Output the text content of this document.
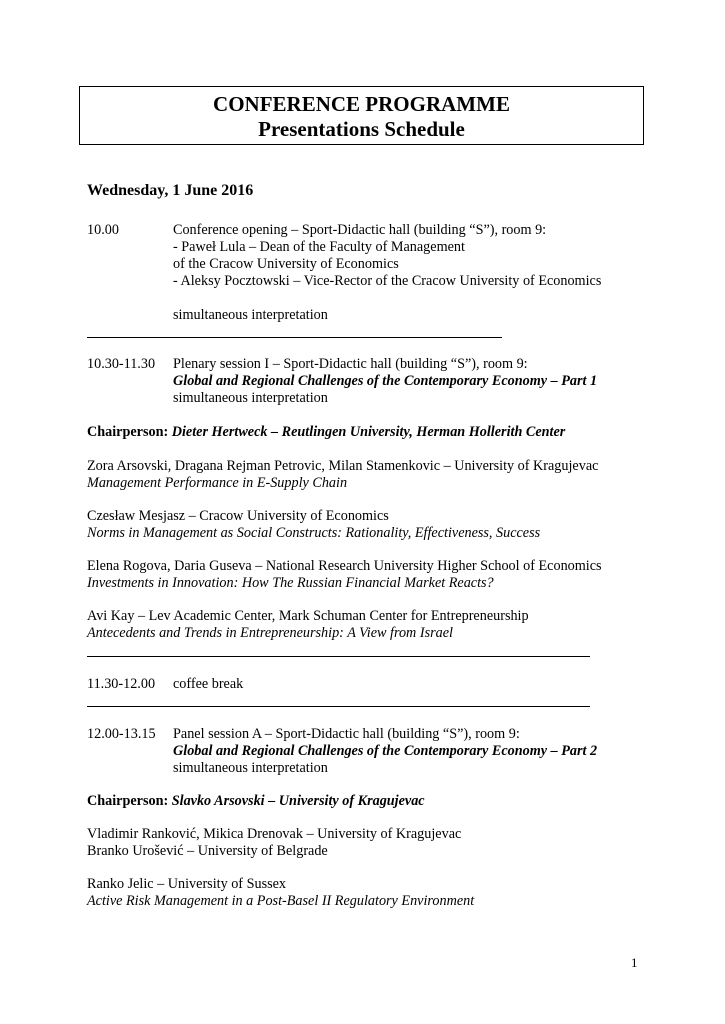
CONFERENCE PROGRAMME
Presentations Schedule
Wednesday, 1 June 2016
10.00	Conference opening – Sport-Didactic hall (building “S”), room 9:
- Paweł Lula – Dean of the Faculty of Management
of the Cracow University of Economics
- Aleksy Pocztowski – Vice-Rector of the Cracow University of Economics
simultaneous interpretation
10.30-11.30 Plenary session I – Sport-Didactic hall (building “S”), room 9:
Global and Regional Challenges of the Contemporary Economy – Part 1
simultaneous interpretation
Chairperson: Dieter Hertweck – Reutlingen University, Herman Hollerith Center
Zora Arsovski, Dragana Rejman Petrovic, Milan Stamenkovic – University of Kragujevac
Management Performance in E-Supply Chain
Czesław Mesjasz – Cracow University of Economics
Norms in Management as Social Constructs: Rationality, Effectiveness, Success
Elena Rogova, Daria Guseva – National Research University Higher School of Economics
Investments in Innovation: How The Russian Financial Market Reacts?
Avi Kay – Lev Academic Center, Mark Schuman Center for Entrepreneurship
Antecedents and Trends in Entrepreneurship: A View from Israel
11.30-12.00 coffee break
12.00-13.15 Panel session A – Sport-Didactic hall (building “S”), room 9:
Global and Regional Challenges of the Contemporary Economy – Part 2
simultaneous interpretation
Chairperson: Slavko Arsovski – University of Kragujevac
Vladimir Ranković, Mikica Drenovak – University of Kragujevac
Branko Urošević – University of Belgrade
Ranko Jelic – University of Sussex
Active Risk Management in a Post-Basel II Regulatory Environment
1
